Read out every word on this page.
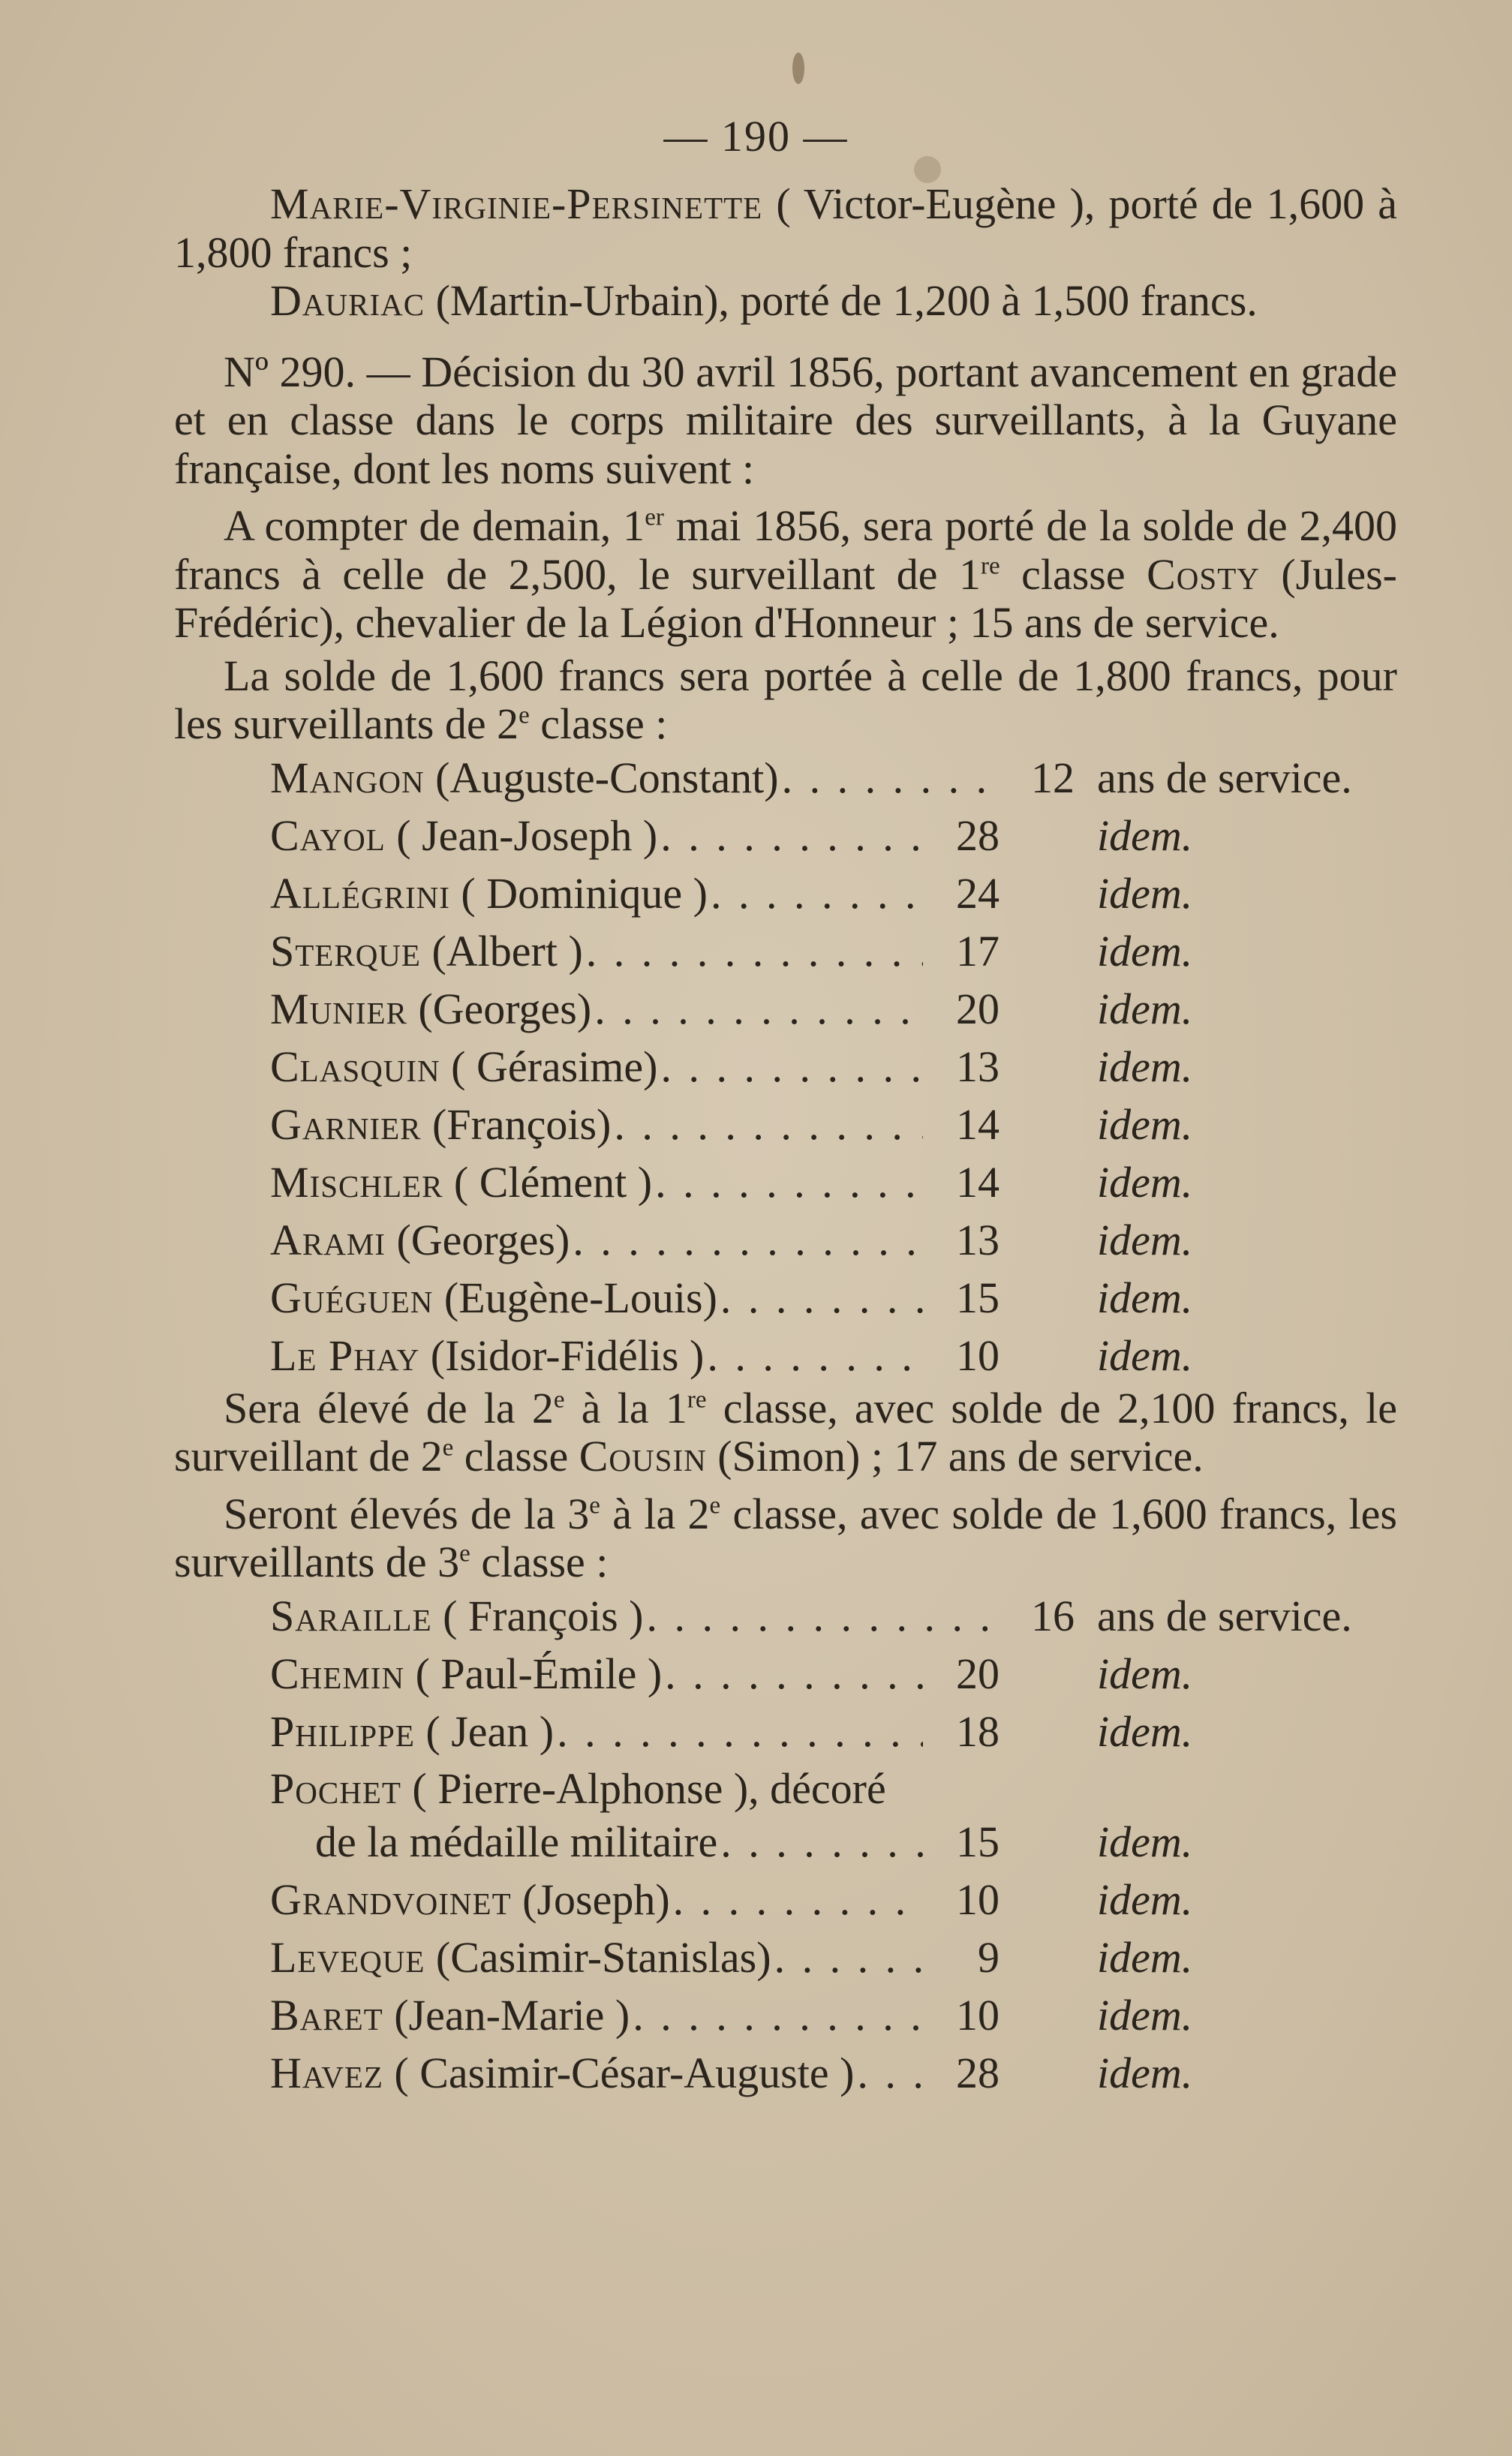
— 190 —
Marie-Virginie-Persinette ( Victor-Eugène ), porté de 1,600 à 1,800 francs ;
Dauriac (Martin-Urbain), porté de 1,200 à 1,500 francs.
Nº 290. — Décision du 30 avril 1856, portant avancement en grade et en classe dans le corps militaire des surveillants, à la Guyane française, dont les noms suivent :
A compter de demain, 1er mai 1856, sera porté de la solde de 2,400 francs à celle de 2,500, le surveillant de 1re classe Costy (Jules-Frédéric), chevalier de la Légion d'Honneur ; 15 ans de service.
La solde de 1,600 francs sera portée à celle de 1,800 francs, pour les surveillants de 2e classe :
Mangon (Auguste-Constant) . . .	12 ans de service.
Cayol ( Jean-Joseph ) . . .	28	idem.
Allégrini ( Dominique ) . . .	24	idem.
Sterque (Albert ) . . .	17	idem.
Munier (Georges) . . .	20	idem.
Clasquin ( Gérasime) . . .	13	idem.
Garnier (François) . . .	14	idem.
Mischler ( Clément ) . . .	14	idem.
Arami (Georges) . . .	13	idem.
Guéguen (Eugène-Louis) . . .	15	idem.
Le Phay (Isidor-Fidélis ) . . .	10	idem.
Sera élevé de la 2e à la 1re classe, avec solde de 2,100 francs, le surveillant de 2e classe Cousin (Simon) ; 17 ans de service.
Seront élevés de la 3e à la 2e classe, avec solde de 1,600 francs, les surveillants de 3e classe :
Saraille ( François ) . . .	16 ans de service.
Chemin ( Paul-Émile ) . . .	20	idem.
Philippe ( Jean ) . . .	18	idem.
Pochet ( Pierre-Alphonse ), décoré
de la médaille militaire . . .	15	idem.
Grandvoinet (Joseph) . . .	10	idem.
Leveque (Casimir-Stanislas) . . .	9	idem.
Baret (Jean-Marie ) . . .	10	idem.
Havez ( Casimir-César-Auguste ) . . .	28	idem.
